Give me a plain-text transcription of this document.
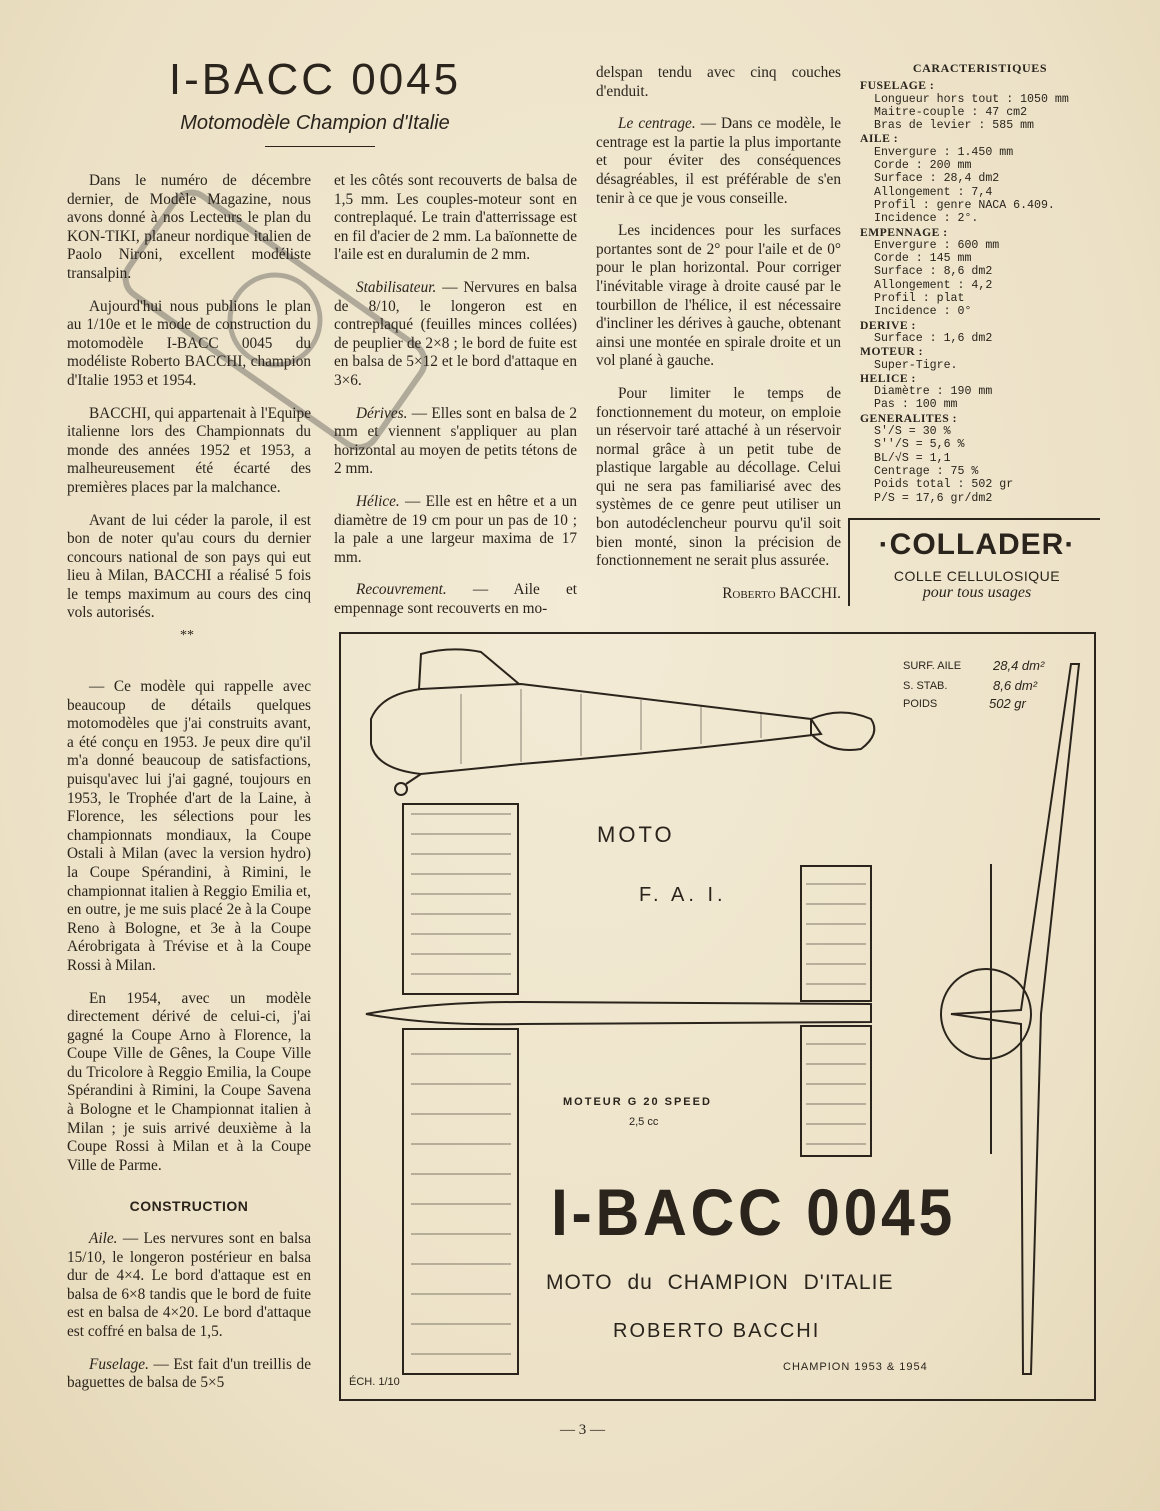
I-BACC 0045
Motomodèle Champion d'Italie

Dans le numéro de décembre dernier, de Modèle Magazine, nous avons donné à nos Lecteurs le plan du KON-TIKI, planeur nordique italien de Paolo Nironi, excellent modéliste transalpin.

Aujourd'hui nous publions le plan au 1/10e et le mode de construction du motomodèle I-BACC 0045 du modéliste Roberto BACCHI, champion d'Italie 1953 et 1954.

BACCHI, qui appartenait à l'Equipe italienne lors des Championnats du monde des années 1952 et 1953, a malheureusement été écarté des premières places par la malchance.

Avant de lui céder la parole, il est bon de noter qu'au cours du dernier concours national de son pays qui eut lieu à Milan, BACCHI a réalisé 5 fois le temps maximum au cours des cinq vols autorisés.

**

— Ce modèle qui rappelle avec beaucoup de détails quelques motomodèles que j'ai construits avant, a été conçu en 1953. Je peux dire qu'il m'a donné beaucoup de satisfactions, puisqu'avec lui j'ai gagné, toujours en 1953, le Trophée d'art de la Laine, à Florence, les sélections pour les championnats mondiaux, la Coupe Ostali à Milan (avec la version hydro) la Coupe Spérandini, à Rimini, le championnat italien à Reggio Emilia et, en outre, je me suis placé 2e à la Coupe Reno à Bologne, et 3e à la Coupe Aérobrigata à Trévise et à la Coupe Rossi à Milan.

En 1954, avec un modèle directement dérivé de celui-ci, j'ai gagné la Coupe Arno à Florence, la Coupe Ville de Gênes, la Coupe Ville du Tricolore à Reggio Emilia, la Coupe Spérandini à Rimini, la Coupe Savena à Bologne et le Championnat italien à Milan ; je suis arrivé deuxième à la Coupe Rossi à Milan et à la Coupe Ville de Parme.

CONSTRUCTION

Aile. — Les nervures sont en balsa 15/10, le longeron postérieur en balsa dur de 4×4. Le bord d'attaque est en balsa de 6×8 tandis que le bord de fuite est en balsa de 4×20. Le bord d'attaque est coffré en balsa de 1,5.

Fuselage. — Est fait d'un treillis de baguettes de balsa de 5×5

et les côtés sont recouverts de balsa de 1,5 mm. Les couples-moteur sont en contreplaqué. Le train d'atterrissage est en fil d'acier de 2 mm. La baïonnette de l'aile est en duralumin de 2 mm.

Stabilisateur. — Nervures en balsa de 8/10, le longeron est en contreplaqué (feuilles minces collées) de peuplier de 2×8 ; le bord de fuite est en balsa de 5×12 et le bord d'attaque en 3×6.

Dérives. — Elles sont en balsa de 2 mm et viennent s'appliquer au plan horizontal au moyen de petits tétons de 2 mm.

Hélice. — Elle est en hêtre et a un diamètre de 19 cm pour un pas de 10 ; la pale a une largeur maxima de 17 mm.

Recouvrement. — Aile et empennage sont recouverts en mo-

delspan tendu avec cinq couches d'enduit.

Le centrage. — Dans ce modèle, le centrage est la partie la plus importante et pour éviter des conséquences désagréables, il est préférable de s'en tenir à ce que je vous conseille.

Les incidences pour les surfaces portantes sont de 2° pour l'aile et de 0° pour le plan horizontal. Pour corriger l'inévitable virage à droite causé par le tourbillon de l'hélice, il est nécessaire d'incliner les dérives à gauche, obtenant ainsi une montée en spirale droite et un vol plané à gauche.

Pour limiter le temps de fonctionnement du moteur, on emploie un réservoir taré attaché à un réservoir normal grâce à un petit tube de plastique largable au décollage. Celui qui ne sera pas familiarisé avec des systèmes de ce genre peut utiliser un bon autodéclencheur pourvu qu'il soit bien monté, sinon la précision de fonctionnement ne serait plus assurée.

Roberto BACCHI.

CARACTERISTIQUES
FUSELAGE :
Longueur hors tout : 1050 mm
Maitre-couple : 47 cm2
Bras de levier : 585 mm
AILE :
Envergure : 1.450 mm
Corde : 200 mm
Surface : 28,4 dm2
Allongement : 7,4
Profil : genre NACA 6.409.
Incidence : 2°.
EMPENNAGE :
Envergure : 600 mm
Corde : 145 mm
Surface : 8,6 dm2
Allongement : 4,2
Profil : plat
Incidence : 0°
DERIVE :
Surface : 1,6 dm2
MOTEUR :
Super-Tigre.
HELICE :
Diamètre : 190 mm
Pas : 100 mm
GENERALITES :
S'/S = 30 %
S''/S = 5,6 %
BL/√S = 1,1
Centrage : 75 %
Poids total : 502 gr
P/S = 17,6 gr/dm2
·COLLADER·
COLLE CELLULOSIQUE
pour tous usages
SURF. AILE 28,4 dm²
S. STAB.	8,6 dm²
POIDS	502 gr
MOTO
F. A. I.
MOTEUR G 20 SPEED
2,5 cc
I-BACC 0045
MOTO du CHAMPION D'ITALIE
ROBERTO BACCHI
CHAMPION 1953 & 1954
ÉCH. 1/10
— 3 —
